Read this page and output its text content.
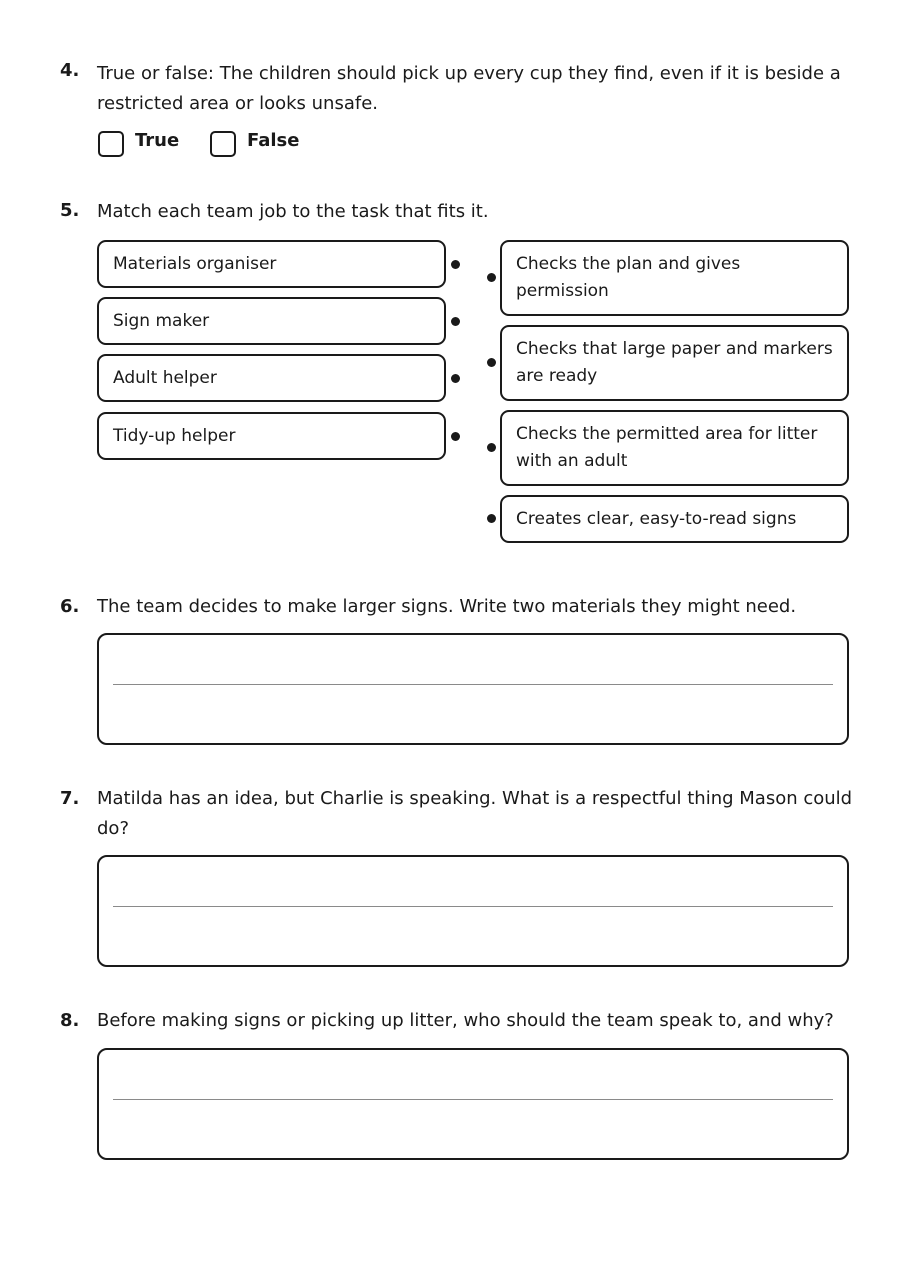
4. True or false: The children should pick up every cup they find, even if it is beside a restricted area or looks unsafe.
True	False
5. Match each team job to the task that fits it.
Materials organiser
Sign maker
Adult helper
Tidy-up helper
Checks the plan and gives permission
Checks that large paper and markers are ready
Checks the permitted area for litter with an adult
Creates clear, easy-to-read signs
6. The team decides to make larger signs. Write two materials they might need.
7. Matilda has an idea, but Charlie is speaking. What is a respectful thing Mason could do?
8. Before making signs or picking up litter, who should the team speak to, and why?
